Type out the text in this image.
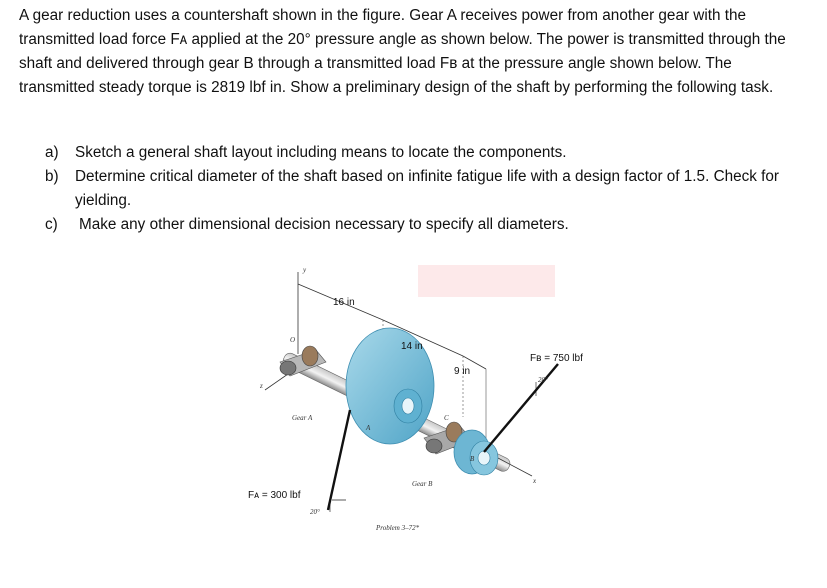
A gear reduction uses a countershaft shown in the figure. Gear A receives power from another gear with the transmitted load force Fᴀ applied at the 20° pressure angle as shown below. The power is transmitted through the shaft and delivered through gear B through a transmitted load Fʙ at the pressure angle shown below. The transmitted steady torque is 2819 lbf in. Show a preliminary design of the shaft by performing the following task.

a)	Sketch a general shaft layout including means to locate the components.
b)	Determine critical diameter of the shaft based on infinite fatigue life with a design factor of 1.5. Check for yielding.
c)	Make any other dimensional decision necessary to specify all diameters.
16 in
14 in
9 in
Fʙ = 750 lbf
Fᴀ = 300 lbf
20°
20°
y
z
x
O
A
B
C
Gear A
Gear B
Problem 3–72*
